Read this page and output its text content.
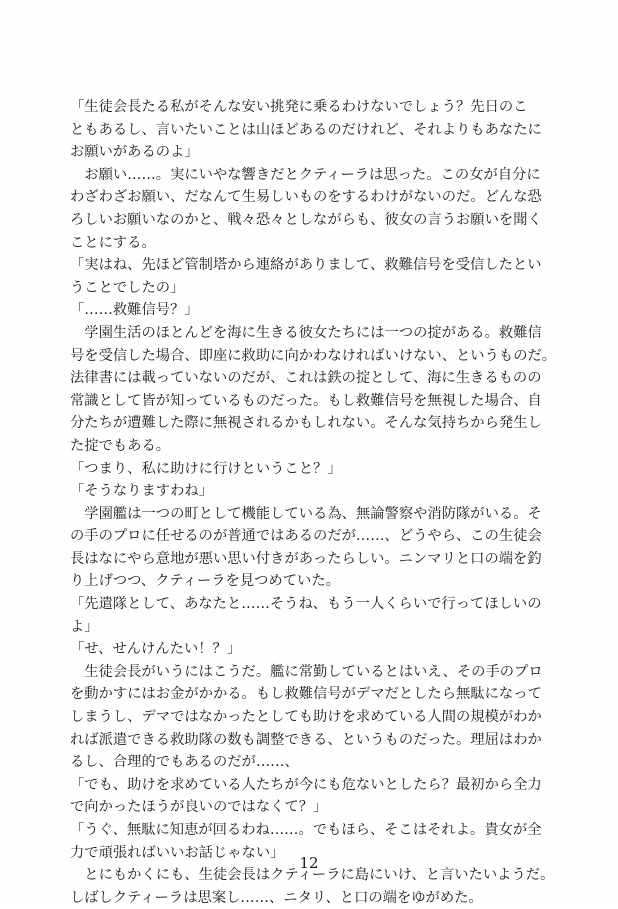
「生徒会長たる私がそんな安い挑発に乗るわけないでしょう？先日のこ
ともあるし、言いたいことは山ほどあるのだけれど、それよりもあなたに
お願いがあるのよ」
　お願い……。実にいやな響きだとクティーラは思った。この女が自分に
わざわざお願い、だなんて生易しいものをするわけがないのだ。どんな恐
ろしいお願いなのかと、戦々恐々としながらも、彼女の言うお願いを聞く
ことにする。
「実はね、先ほど管制塔から連絡がありまして、救難信号を受信したとい
うことでしたの」
「……救難信号？」
　学園生活のほとんどを海に生きる彼女たちには一つの掟がある。救難信
号を受信した場合、即座に救助に向かわなければいけない、というものだ。
法律書には載っていないのだが、これは鉄の掟として、海に生きるものの
常識として皆が知っているものだった。もし救難信号を無視した場合、自
分たちが遭難した際に無視されるかもしれない。そんな気持ちから発生し
た掟でもある。
「つまり、私に助けに行けということ？」
「そうなりますわね」
　学園艦は一つの町として機能している為、無論警察や消防隊がいる。そ
の手のプロに任せるのが普通ではあるのだが……、どうやら、この生徒会
長はなにやら意地が悪い思い付きがあったらしい。ニンマリと口の端を釣
り上げつつ、クティーラを見つめていた。
「先遣隊として、あなたと……そうね、もう一人くらいで行ってほしいの
よ」
「せ、せんけんたい！？」
　生徒会長がいうにはこうだ。艦に常勤しているとはいえ、その手のプロ
を動かすにはお金がかかる。もし救難信号がデマだとしたら無駄になって
しまうし、デマではなかったとしても助けを求めている人間の規模がわか
れば派遣できる救助隊の数も調整できる、というものだった。理屈はわか
るし、合理的でもあるのだが……、
「でも、助けを求めている人たちが今にも危ないとしたら？最初から全力
で向かったほうが良いのではなくて？」
「うぐ、無駄に知恵が回るわね……。でもほら、そこはそれよ。貴女が全
力で頑張ればいいお話じゃない」
　とにもかくにも、生徒会長はクティーラに島にいけ、と言いたいようだ。
しばしクティーラは思案し……、ニタリ、と口の端をゆがめた。
12
